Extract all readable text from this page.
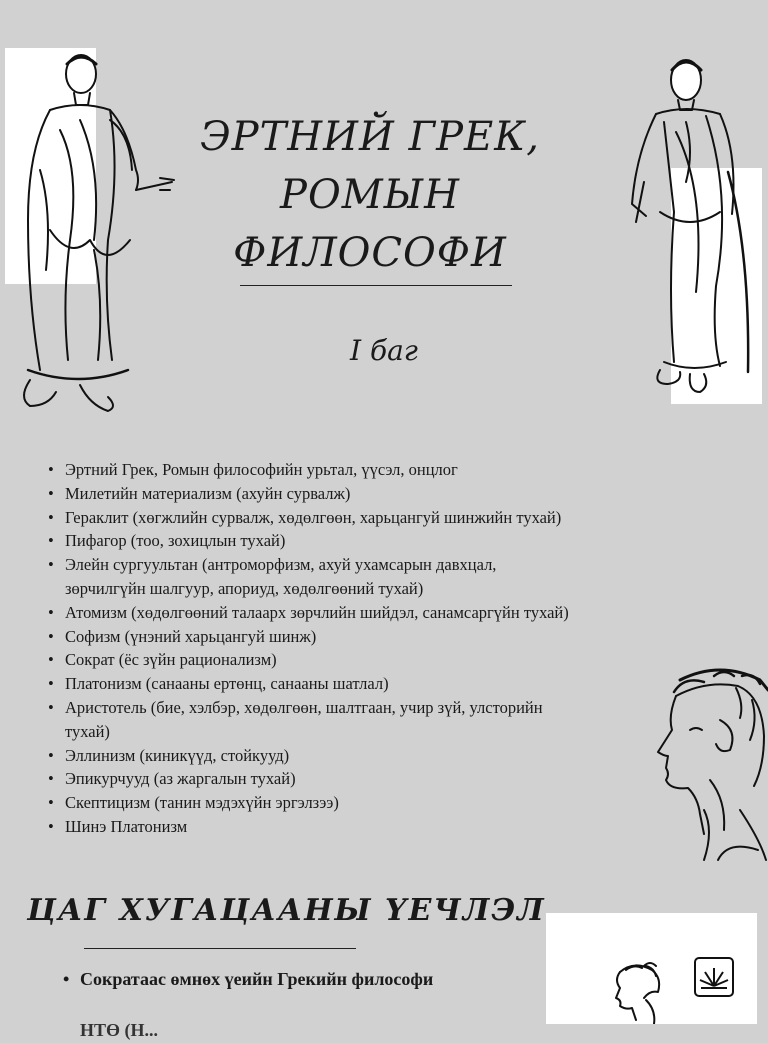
ЭРТНИЙ ГРЕК, РОМЫН
ФИЛОСОФИ
I баг
• Эртний Грек, Ромын философийн урьтал, үүсэл, онцлог
• Милетийн материализм (ахуйн сурвалж)
• Гераклит (хөгжлийн сурвалж, хөдөлгөөн, харьцангуй шинжийн тухай)
• Пифагор (тоо, зохицлын тухай)
• Элейн сургуультан (антроморфизм, ахуй ухамсарын давхцал,
зөрчилгүйн шалгуур, апориуд, хөдөлгөөний тухай)
• Атомизм (хөдөлгөөний талаарх зөрчлийн шийдэл, санамсаргүйн тухай)
• Софизм (үнэний харьцангуй шинж)
• Сократ (ёс зүйн рационализм)
• Платонизм (санааны ертөнц, санааны шатлал)
• Аристотель (бие, хэлбэр, хөдөлгөөн, шалтгаан, учир зүй, улсторийн
тухай)
• Эллинизм (киникүүд, стойкууд)
• Эпикурчууд (аз жаргалын тухай)
• Скептицизм (танин мэдэхүйн эргэлзээ)
• Шинэ Платонизм
ЦАГ ХУГАЦААНЫ ҮЕЧЛЭЛ
• Сократаас өмнөх үеийн Грекийн философи
НТӨ (Н...
